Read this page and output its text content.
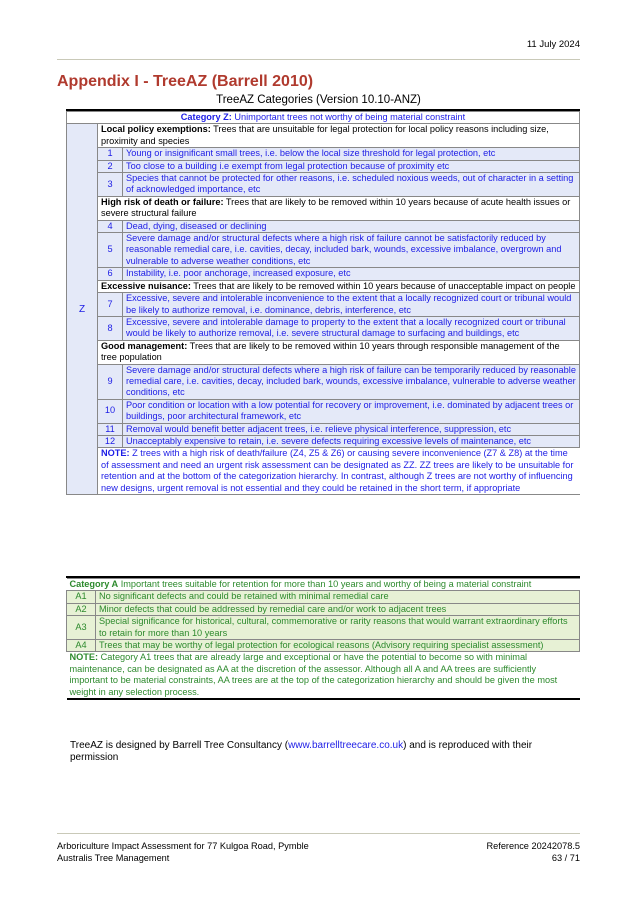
11 July 2024
Appendix I - TreeAZ (Barrell 2010)
TreeAZ Categories (Version 10.10-ANZ)
Category Z: Unimportant trees not worthy of being material constraint		
Z	Local policy exemptions: Trees that are unsuitable for legal protection for local policy reasons including size, proximity and species	
	1	Young or insignificant small trees, i.e. below the local size threshold for legal protection, etc
	2	Too close to a building i.e exempt from legal protection because of proximity etc
	3	Species that cannot be protected for other reasons, i.e. scheduled noxious weeds, out of character in a setting of acknowledged importance, etc
	High risk of death or failure: Trees that are likely to be removed within 10 years because of acute health issues or severe structural failure	
	4	Dead, dying, diseased or declining
	5	Severe damage and/or structural defects where a high risk of failure cannot be satisfactorily reduced by reasonable remedial care, i.e. cavities, decay, included bark, wounds, excessive imbalance, overgrown and vulnerable to adverse weather conditions, etc
	6	Instability, i.e. poor anchorage, increased exposure, etc
	Excessive nuisance: Trees that are likely to be removed within 10 years because of unacceptable impact on people	
	7	Excessive, severe and intolerable inconvenience to the extent that a locally recognized court or tribunal would be likely to authorize removal, i.e. dominance, debris, interference, etc
	8	Excessive, severe and intolerable damage to property to the extent that a locally recognized court or tribunal would be likely to authorize removal, i.e. severe structural damage to surfacing and buildings, etc
	Good management: Trees that are likely to be removed within 10 years through responsible management of the tree population	
	9	Severe damage and/or structural defects where a high risk of failure can be temporarily reduced by reasonable remedial care, i.e. cavities, decay, included bark, wounds, excessive imbalance, vulnerable to adverse weather conditions, etc
	10	Poor condition or location with a low potential for recovery or improvement, i.e. dominated by adjacent trees or buildings, poor architectural framework, etc
	11	Removal would benefit better adjacent trees, i.e. relieve physical interference, suppression, etc
	12	Unacceptably expensive to retain, i.e. severe defects requiring excessive levels of maintenance, etc
	NOTE: Z trees with a high risk of death/failure (Z4, Z5 & Z6) or causing severe inconvenience (Z7 & Z8) at the time of assessment and need an urgent risk assessment can be designated as ZZ. ZZ trees are likely to be unsuitable for retention and at the bottom of the categorization hierarchy. In contrast, although Z trees are not worthy of influencing new designs, urgent removal is not essential and they could be retained in the short term, if appropriate	
Category A Important trees suitable for retention for more than 10 years and worthy of being a material constraint	
A1	No significant defects and could be retained with minimal remedial care
A2	Minor defects that could be addressed by remedial care and/or work to adjacent trees
A3	Special significance for historical, cultural, commemorative or rarity reasons that would warrant extraordinary efforts to retain for more than 10 years
A4	Trees that may be worthy of legal protection for ecological reasons (Advisory requiring specialist assessment)
NOTE: Category A1 trees that are already large and exceptional or have the potential to become so with minimal maintenance, can be designated as AA at the discretion of the assessor. Although all A and AA trees are sufficiently important to be material constraints, AA trees are at the top of the categorization hierarchy and should be given the most weight in any selection process.	
TreeAZ is designed by Barrell Tree Consultancy (www.barrelltreecare.co.uk) and is reproduced with their permission
Arboriculture Impact Assessment for 77 Kulgoa Road, Pymble
Australis Tree Management
Reference 20242078.5
63 / 71
